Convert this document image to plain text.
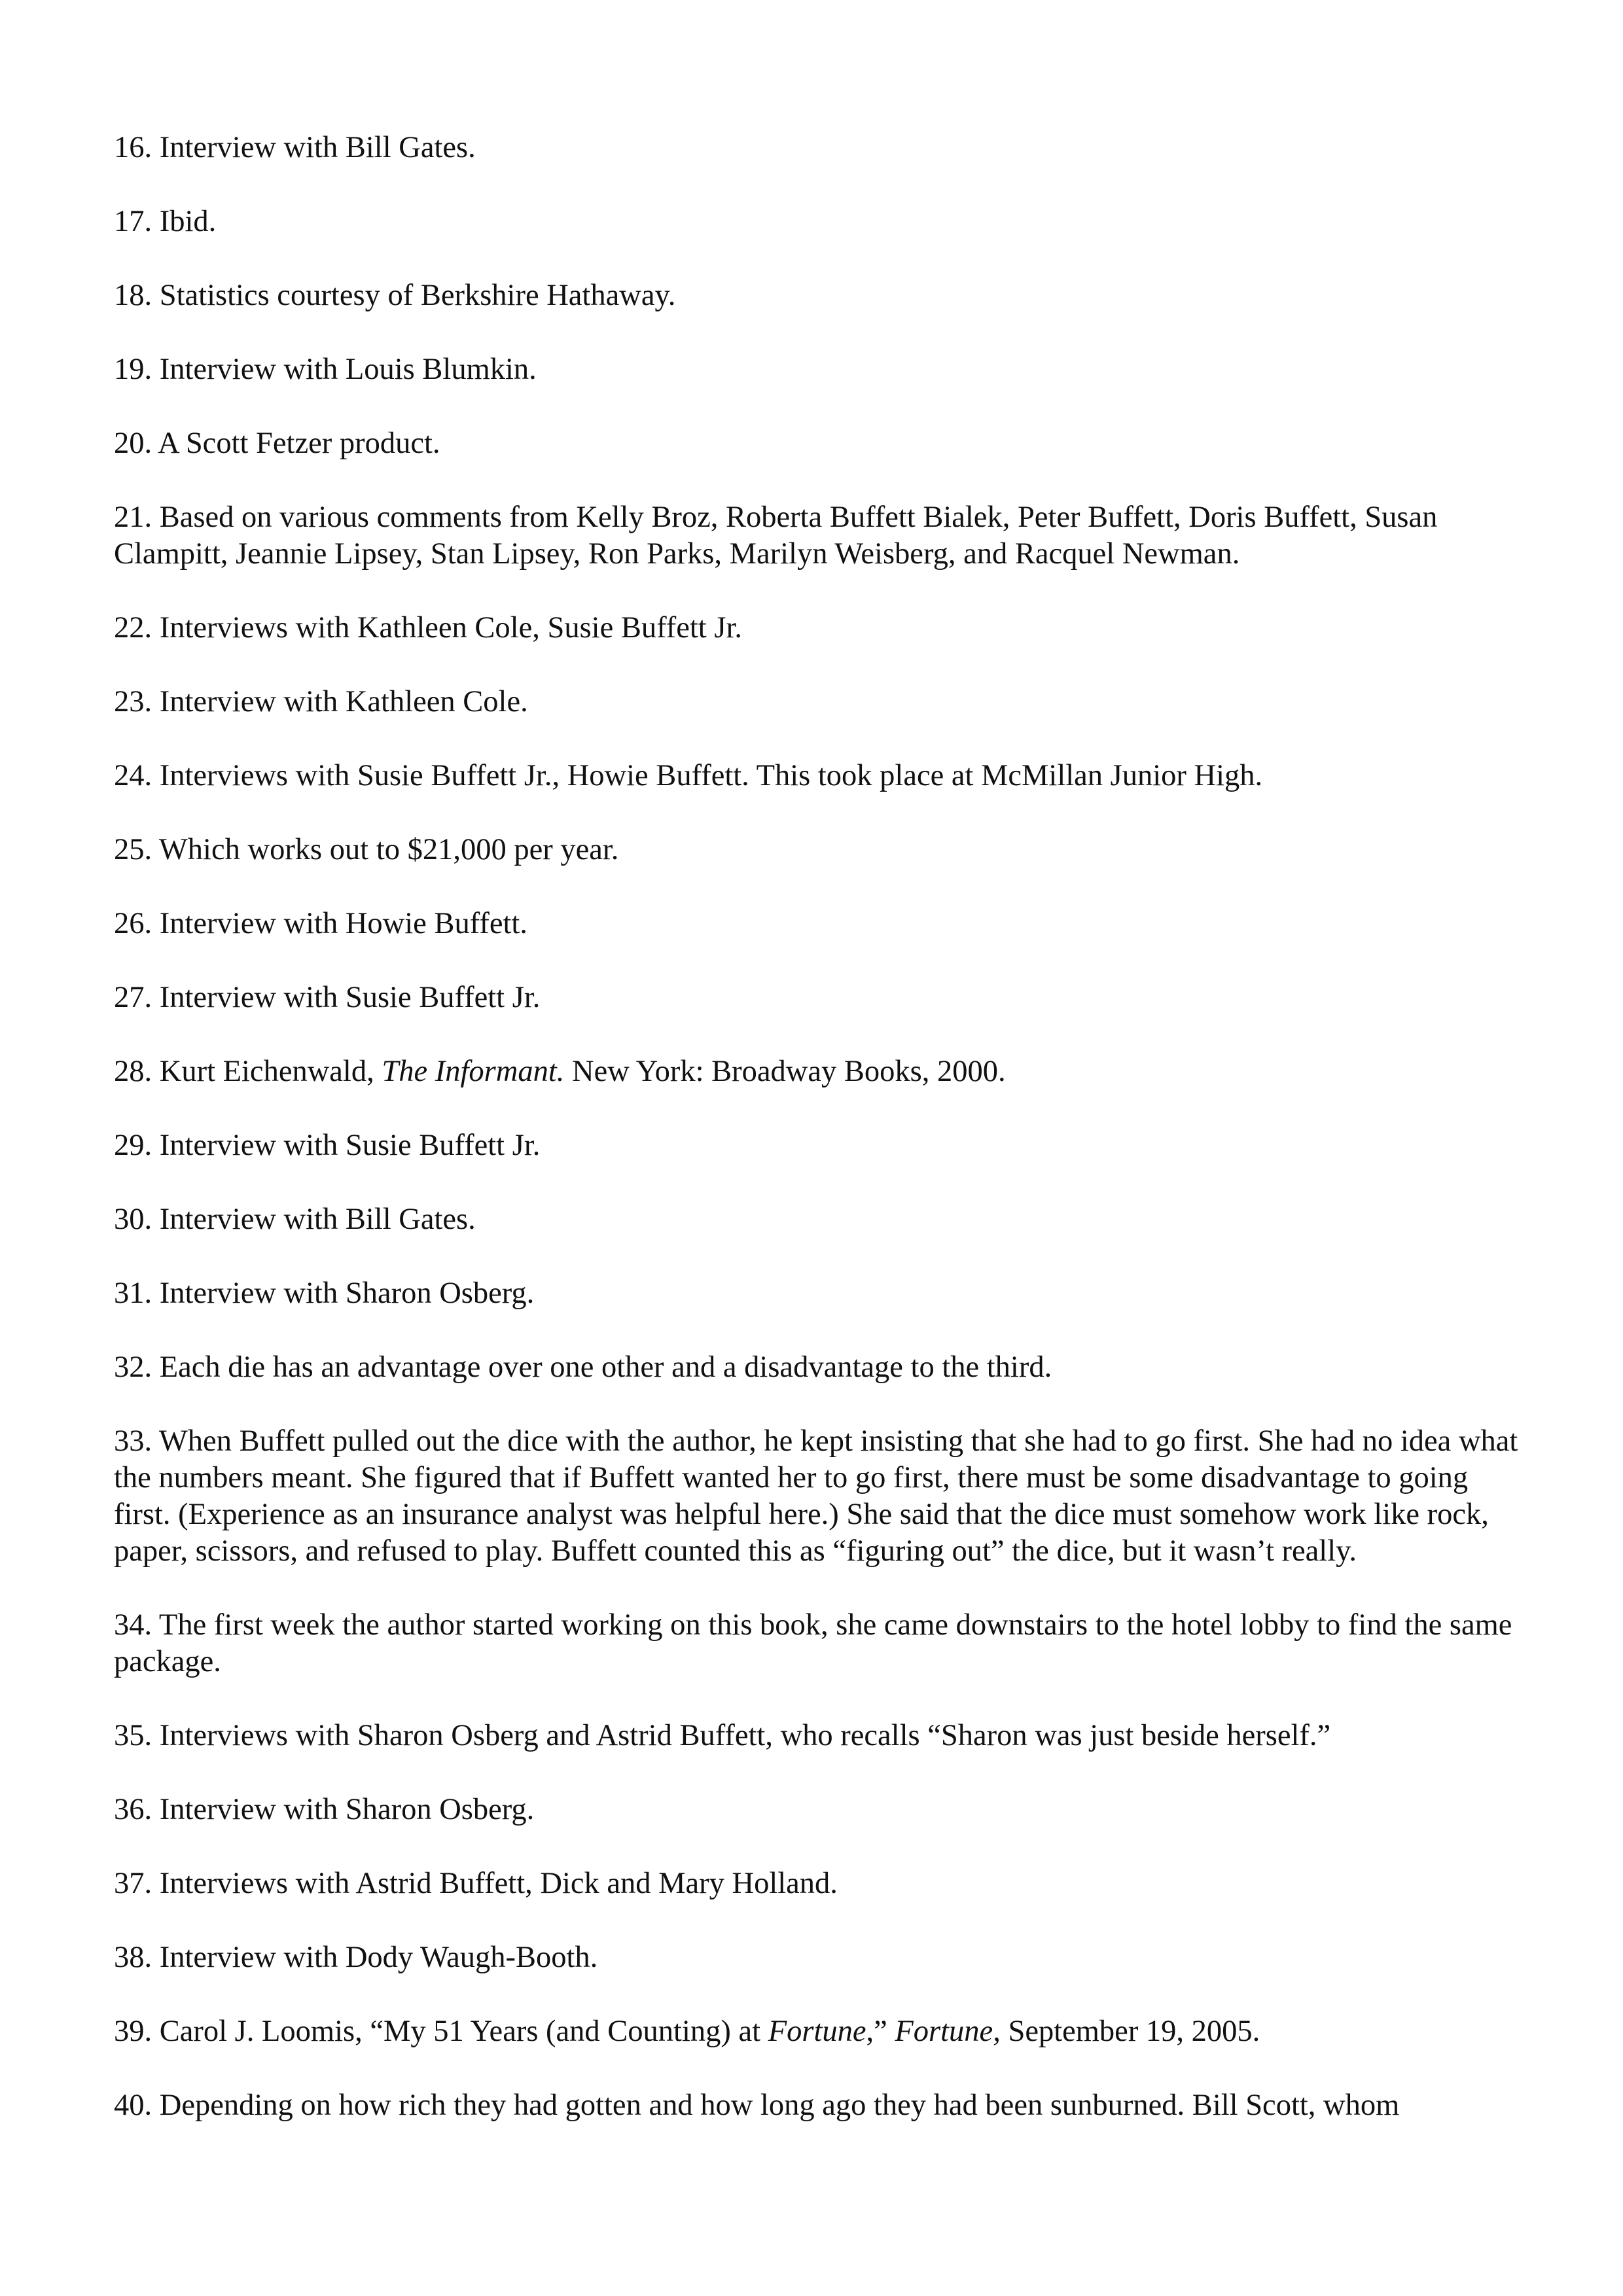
16. Interview with Bill Gates.

17. Ibid.

18. Statistics courtesy of Berkshire Hathaway.

19. Interview with Louis Blumkin.

20. A Scott Fetzer product.

21. Based on various comments from Kelly Broz, Roberta Buffett Bialek, Peter Buffett, Doris Buffett, Susan Clampitt, Jeannie Lipsey, Stan Lipsey, Ron Parks, Marilyn Weisberg, and Racquel Newman.

22. Interviews with Kathleen Cole, Susie Buffett Jr.

23. Interview with Kathleen Cole.

24. Interviews with Susie Buffett Jr., Howie Buffett. This took place at McMillan Junior High.

25. Which works out to $21,000 per year.

26. Interview with Howie Buffett.

27. Interview with Susie Buffett Jr.

28. Kurt Eichenwald, The Informant. New York: Broadway Books, 2000.

29. Interview with Susie Buffett Jr.

30. Interview with Bill Gates.

31. Interview with Sharon Osberg.

32. Each die has an advantage over one other and a disadvantage to the third.

33. When Buffett pulled out the dice with the author, he kept insisting that she had to go first. She had no idea what the numbers meant. She figured that if Buffett wanted her to go first, there must be some disadvantage to going first. (Experience as an insurance analyst was helpful here.) She said that the dice must somehow work like rock, paper, scissors, and refused to play. Buffett counted this as “figuring out” the dice, but it wasn’t really.

34. The first week the author started working on this book, she came downstairs to the hotel lobby to find the same package.

35. Interviews with Sharon Osberg and Astrid Buffett, who recalls “Sharon was just beside herself.”

36. Interview with Sharon Osberg.

37. Interviews with Astrid Buffett, Dick and Mary Holland.

38. Interview with Dody Waugh-Booth.

39. Carol J. Loomis, “My 51 Years (and Counting) at Fortune,” Fortune, September 19, 2005.

40. Depending on how rich they had gotten and how long ago they had been sunburned. Bill Scott, whom
